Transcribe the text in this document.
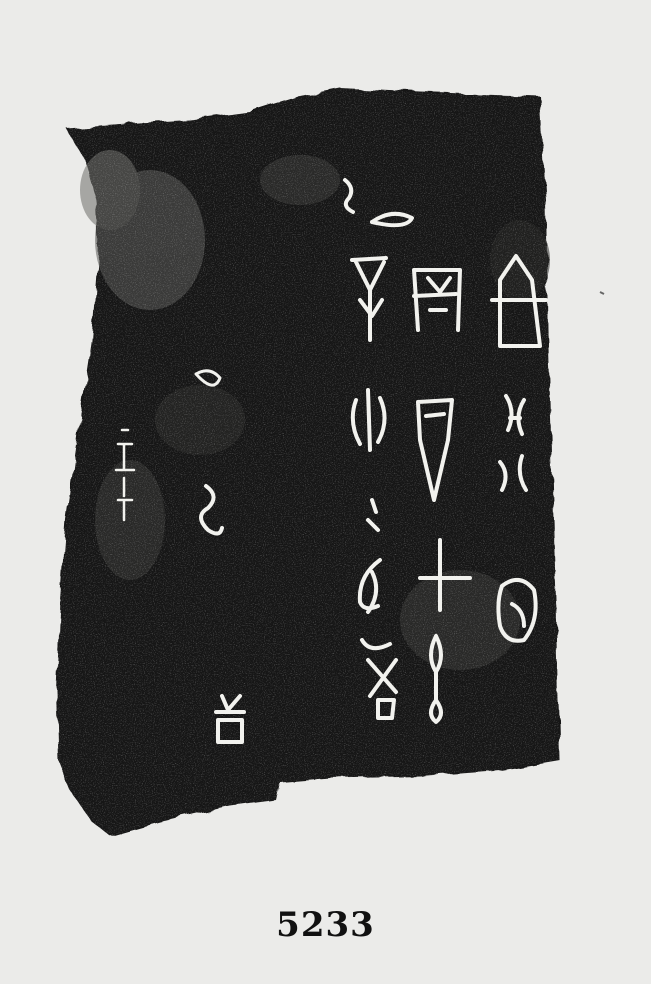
5233
